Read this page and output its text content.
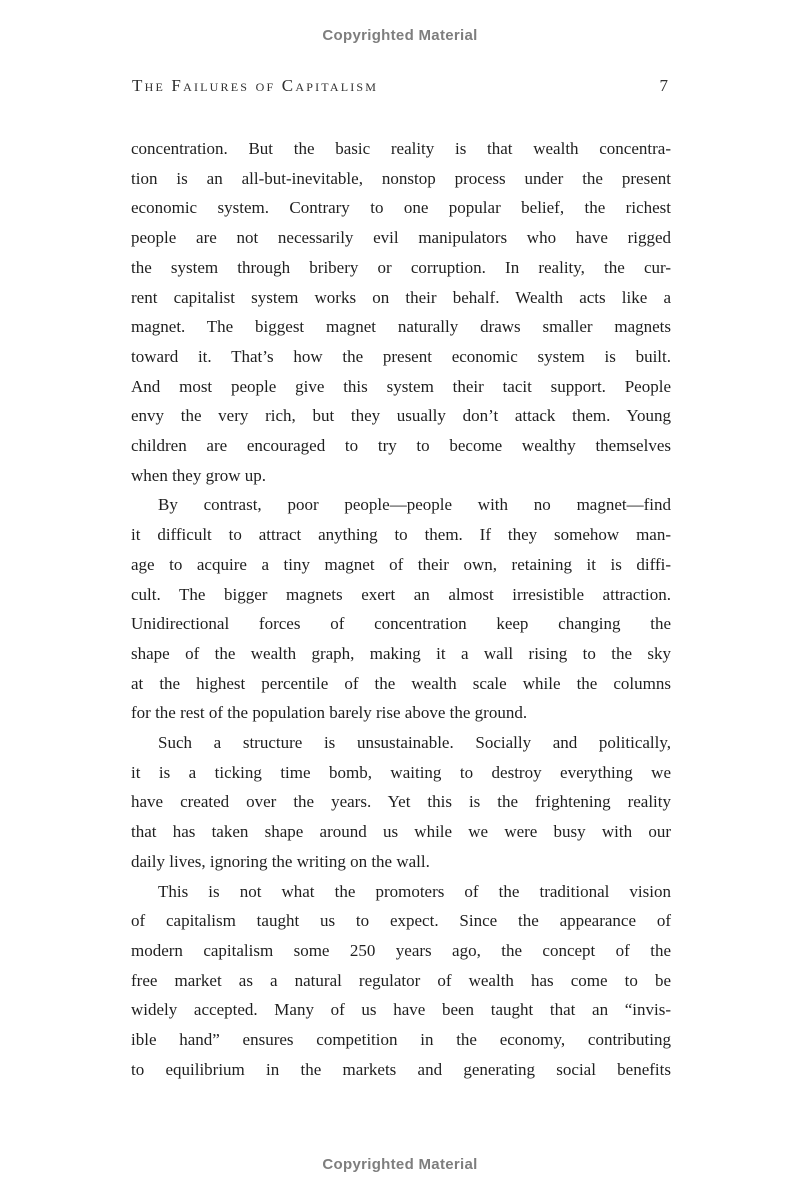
Copyrighted Material
The Failures of Capitalism	7
concentration. But the basic reality is that wealth concentra-
tion is an all-but-inevitable, nonstop process under the present
economic system. Contrary to one popular belief, the richest
people are not necessarily evil manipulators who have rigged
the system through bribery or corruption. In reality, the cur-
rent capitalist system works on their behalf. Wealth acts like a
magnet. The biggest magnet naturally draws smaller magnets
toward it. That’s how the present economic system is built.
And most people give this system their tacit support. People
envy the very rich, but they usually don’t attack them. Young
children are encouraged to try to become wealthy themselves
when they grow up.
By contrast, poor people—people with no magnet—find
it difficult to attract anything to them. If they somehow man-
age to acquire a tiny magnet of their own, retaining it is diffi-
cult. The bigger magnets exert an almost irresistible attraction.
Unidirectional forces of concentration keep changing the
shape of the wealth graph, making it a wall rising to the sky
at the highest percentile of the wealth scale while the columns
for the rest of the population barely rise above the ground.
Such a structure is unsustainable. Socially and politically,
it is a ticking time bomb, waiting to destroy everything we
have created over the years. Yet this is the frightening reality
that has taken shape around us while we were busy with our
daily lives, ignoring the writing on the wall.
This is not what the promoters of the traditional vision
of capitalism taught us to expect. Since the appearance of
modern capitalism some 250 years ago, the concept of the
free market as a natural regulator of wealth has come to be
widely accepted. Many of us have been taught that an “invis-
ible hand” ensures competition in the economy, contributing
to equilibrium in the markets and generating social benefits
Copyrighted Material
